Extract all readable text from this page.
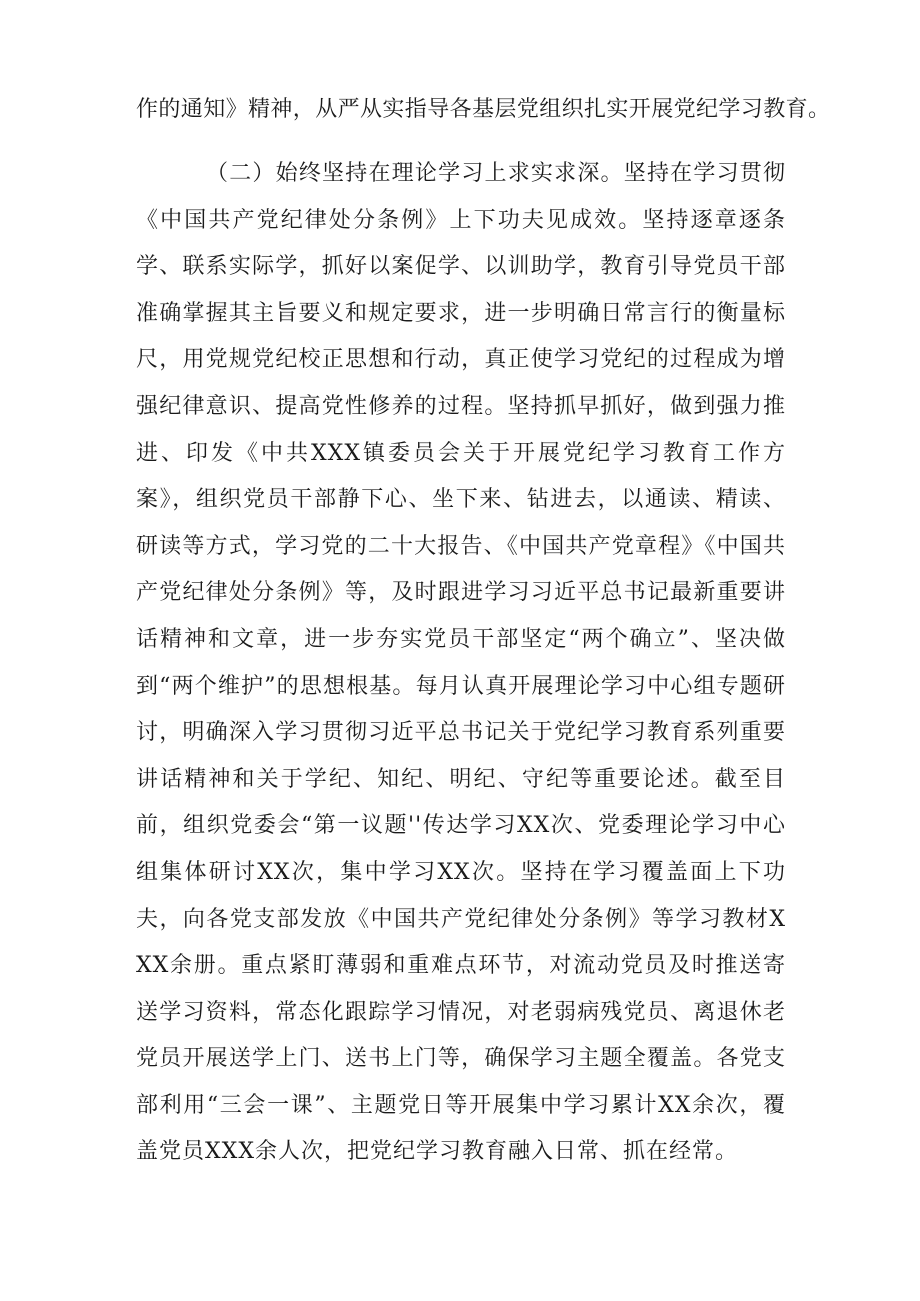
作的通知》精神，从严从实指导各基层党组织扎实开展党纪学习教育。
（二）始终坚持在理论学习上求实求深。坚持在学习贯彻《中国共产党纪律处分条例》上下功夫见成效。坚持逐章逐条学、联系实际学，抓好以案促学、以训助学，教育引导党员干部准确掌握其主旨要义和规定要求，进一步明确日常言行的衡量标尺，用党规党纪校正思想和行动，真正使学习党纪的过程成为增强纪律意识、提高党性修养的过程。坚持抓早抓好，做到强力推进、印发《中共XXX镇委员会关于开展党纪学习教育工作方案》，组织党员干部静下心、坐下来、钻进去，以通读、精读、研读等方式，学习党的二十大报告、《中国共产党章程》《中国共产党纪律处分条例》等，及时跟进学习习近平总书记最新重要讲话精神和文章，进一步夯实党员干部坚定“两个确立”、坚决做到“两个维护”的思想根基。每月认真开展理论学习中心组专题研讨，明确深入学习贯彻习近平总书记关于党纪学习教育系列重要讲话精神和关于学纪、知纪、明纪、守纪等重要论述。截至目前，组织党委会“第一议题''传达学习XX次、党委理论学习中心组集体研讨XX次，集中学习XX次。坚持在学习覆盖面上下功夫，向各党支部发放《中国共产党纪律处分条例》等学习教材XXX余册。重点紧盯薄弱和重难点环节，对流动党员及时推送寄送学习资料，常态化跟踪学习情况，对老弱病残党员、离退休老党员开展送学上门、送书上门等，确保学习主题全覆盖。各党支部利用“三会一课”、主题党日等开展集中学习累计XX余次，覆盖党员XXX余人次，把党纪学习教育融入日常、抓在经常。
